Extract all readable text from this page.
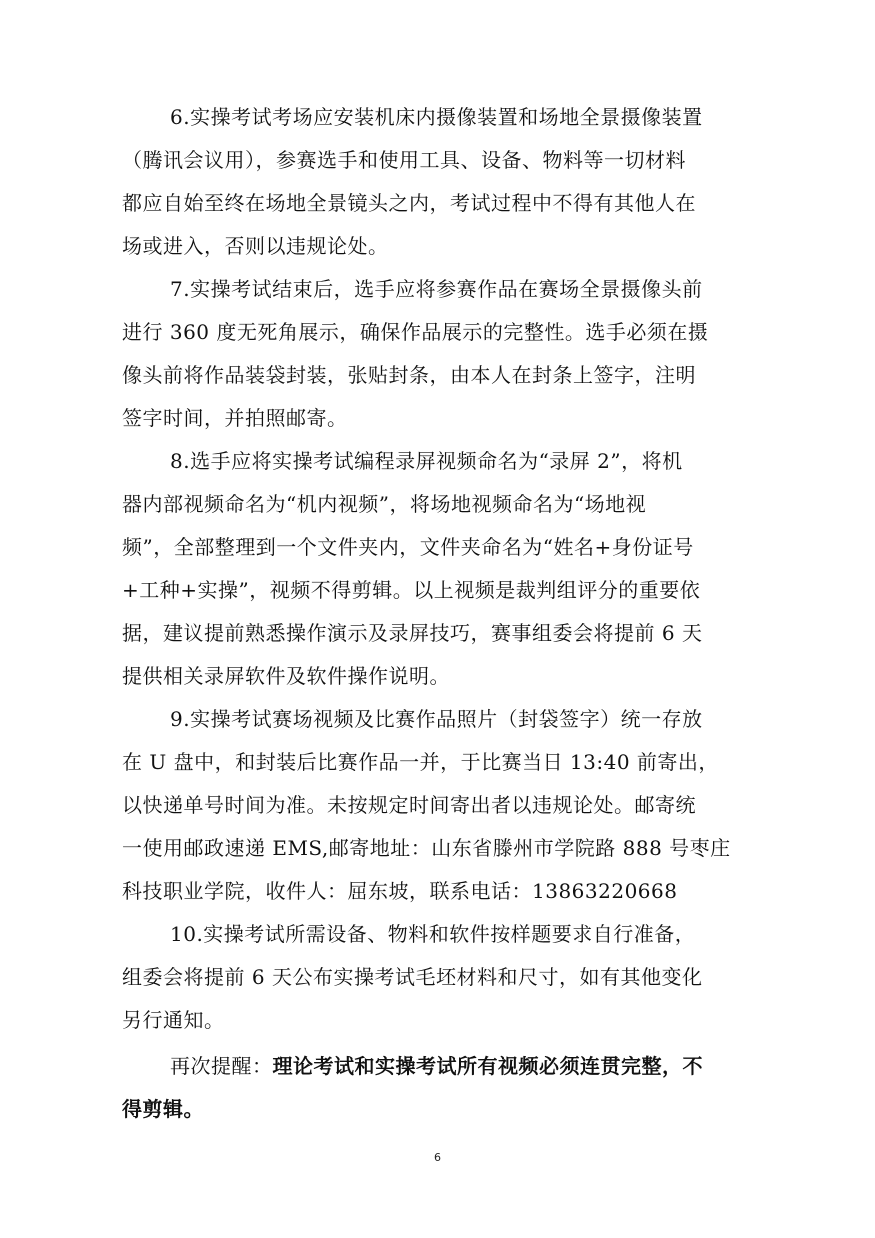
6.实操考试考场应安装机床内摄像装置和场地全景摄像装置
（腾讯会议用），参赛选手和使用工具、设备、物料等一切材料
都应自始至终在场地全景镜头之内，考试过程中不得有其他人在
场或进入，否则以违规论处。
7.实操考试结束后，选手应将参赛作品在赛场全景摄像头前
进行 360 度无死角展示，确保作品展示的完整性。选手必须在摄
像头前将作品装袋封装，张贴封条，由本人在封条上签字，注明
签字时间，并拍照邮寄。
8.选手应将实操考试编程录屏视频命名为“录屏 2”，将机
器内部视频命名为“机内视频”，将场地视频命名为“场地视
频”，全部整理到一个文件夹内，文件夹命名为“姓名+身份证号
+工种+实操”，视频不得剪辑。以上视频是裁判组评分的重要依
据，建议提前熟悉操作演示及录屏技巧，赛事组委会将提前 6 天
提供相关录屏软件及软件操作说明。
9.实操考试赛场视频及比赛作品照片（封袋签字）统一存放
在 U 盘中，和封装后比赛作品一并，于比赛当日 13:40 前寄出，
以快递单号时间为准。未按规定时间寄出者以违规论处。邮寄统
一使用邮政速递 EMS,邮寄地址：山东省滕州市学院路 888 号枣庄
科技职业学院，收件人：屈东坡，联系电话：13863220668
10.实操考试所需设备、物料和软件按样题要求自行准备，
组委会将提前 6 天公布实操考试毛坯材料和尺寸，如有其他变化
另行通知。
再次提醒：理论考试和实操考试所有视频必须连贯完整，不
得剪辑。
6
